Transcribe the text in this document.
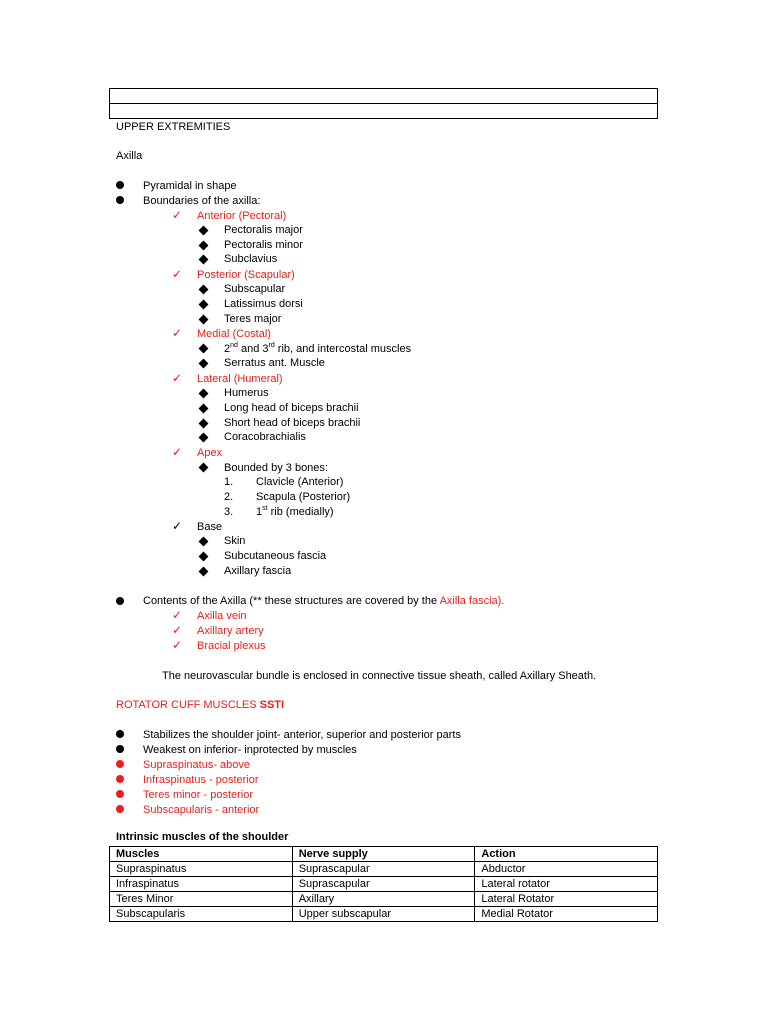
UPPER EXTREMITIES
Axilla
Pyramidal in shape
Boundaries of the axilla:
✓ Anterior (Pectoral)
Pectoralis major
Pectoralis minor
Subclavius
✓ Posterior (Scapular)
Subscapular
Latissimus dorsi
Teres major
✓ Medial (Costal)
2nd and 3rd rib, and intercostal muscles
Serratus ant. Muscle
✓ Lateral (Humeral)
Humerus
Long head of biceps brachii
Short head of biceps brachii
Coracobrachialis
✓ Apex
Bounded by 3 bones:
1. Clavicle (Anterior)
2. Scapula (Posterior)
3. 1st rib (medially)
✓ Base
Skin
Subcutaneous fascia
Axillary fascia
Contents of the Axilla (** these structures are covered by the Axilla fascia).
✓ Axilla vein
✓ Axillary artery
✓ Bracial plexus
The neurovascular bundle is enclosed in connective tissue sheath, called Axillary Sheath.
ROTATOR CUFF MUSCLES SSTI
Stabilizes the shoulder joint- anterior, superior and posterior parts
Weakest on inferior- inprotected by muscles
Supraspinatus- above
Infraspinatus - posterior
Teres minor - posterior
Subscapularis - anterior
Intrinsic muscles of the shoulder
Muscles	Nerve supply	Action
Supraspinatus	Suprascapular	Abductor
Infraspinatus	Suprascapular	Lateral rotator
Teres Minor	Axillary	Lateral Rotator
Subscapularis	Upper subscapular	Medial Rotator
